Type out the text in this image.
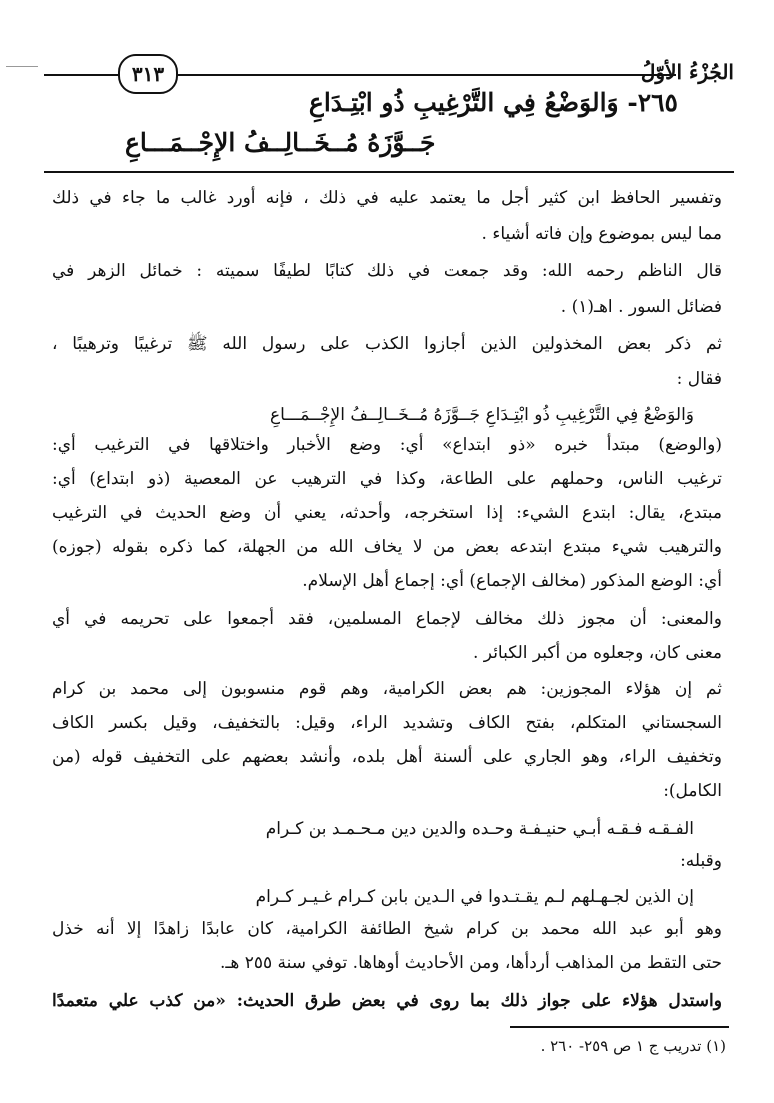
الجُزْءُ الأوّلُ
٣١٣
٢٦٥- وَالوَضْعُ فِي التَّرْغِيبِ ذُو ابْتِـدَاعِ
جَــوَّزَهُ مُــخَــالِــفُ الإِجْــمَـــاعِ
وتفسير الحافظ ابن كثير أجل ما يعتمد عليه في ذلك ، فإنه أورد غالب ما جاء في ذلك
مما ليس بموضوع وإن فاته أشياء .
قال الناظم رحمه الله: وقد جمعت في ذلك كتابًا لطيفًا سميته : خمائل الزهر في
فضائل السور . اهـ(١) .
ثم ذكر بعض المخذولين الذين أجازوا الكذب على رسول الله ﷺ ترغيبًا وترهيبًا ،
فقال :
وَالوَضْعُ فِي التَّرْغِيبِ ذُو ابْتِـدَاعِ جَــوَّزَهُ مُــخَــالِــفُ الإِجْــمَـــاعِ
(والوضع) مبتدأ خبره «ذو ابتداع» أي: وضع الأخبار واختلاقها في الترغيب أي:
ترغيب الناس، وحملهم على الطاعة، وكذا في الترهيب عن المعصية (ذو ابتداع) أي:
مبتدع، يقال: ابتدع الشيء: إذا استخرجه، وأحدثه، يعني أن وضع الحديث في الترغيب
والترهيب شيء مبتدع ابتدعه بعض من لا يخاف الله من الجهلة، كما ذكره بقوله (جوزه)
أي: الوضع المذكور (مخالف الإجماع) أي: إجماع أهل الإسلام.
والمعنى: أن مجوز ذلك مخالف لإجماع المسلمين، فقد أجمعوا على تحريمه في أي
معنى كان، وجعلوه من أكبر الكبائر .
ثم إن هؤلاء المجوزين: هم بعض الكرامية، وهم قوم منسوبون إلى محمد بن كرام
السجستاني المتكلم، بفتح الكاف وتشديد الراء، وقيل: بالتخفيف، وقيل بكسر الكاف
وتخفيف الراء، وهو الجاري على ألسنة أهل بلده، وأنشد بعضهم على التخفيف قوله (من
الكامل):
الفـقـه فـقـه أبـي حنيـفـة وحـده والدين دين مـحـمـد بن كـرام
وقبله:
إن الذين لجـهـلهم لـم يقـتـدوا في الـدين بابن كـرام غـيـر كـرام
وهو أبو عبد الله محمد بن كرام شيخ الطائفة الكرامية، كان عابدًا زاهدًا إلا أنه خذل
حتى التقط من المذاهب أردأها، ومن الأحاديث أوهاها. توفي سنة ٢٥٥ هـ.
واستدل هؤلاء على جواز ذلك بما روى في بعض طرق الحديث: «من كذب علي متعمدًا
(١) تدريب ج ١ ص ٢٥٩- ٢٦٠ .
